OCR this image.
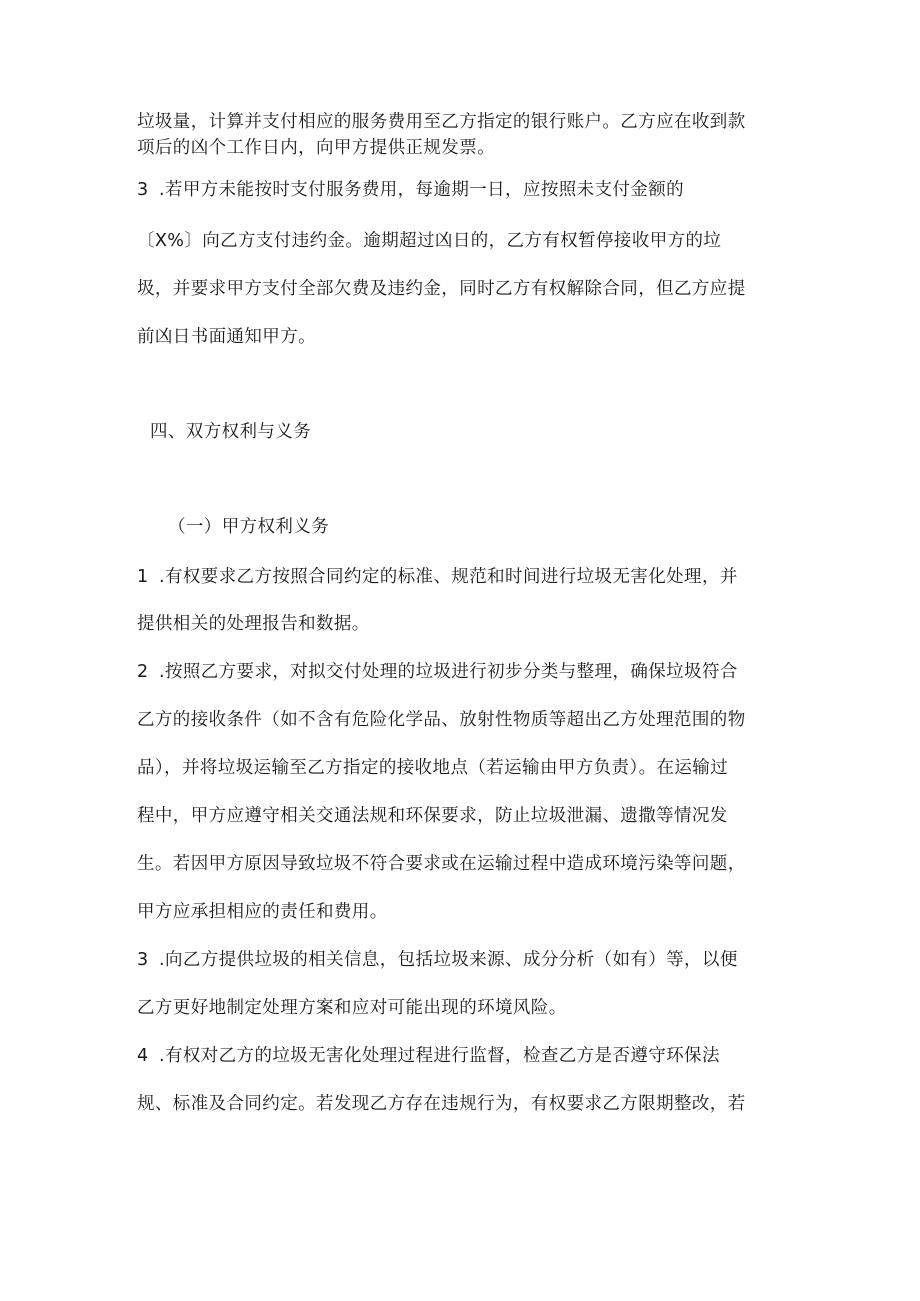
垃圾量，计算并支付相应的服务费用至乙方指定的银行账户。乙方应在收到款
项后的凶个工作日内，向甲方提供正规发票。
3 .若甲方未能按时支付服务费用，每逾期一日，应按照未支付金额的
〔X%〕向乙方支付违约金。逾期超过凶日的，乙方有权暂停接收甲方的垃
圾，并要求甲方支付全部欠费及违约金，同时乙方有权解除合同，但乙方应提
前凶日书面通知甲方。
四、双方权利与义务
（一）甲方权利义务
1 .有权要求乙方按照合同约定的标准、规范和时间进行垃圾无害化处理，并
提供相关的处理报告和数据。
2 .按照乙方要求，对拟交付处理的垃圾进行初步分类与整理，确保垃圾符合
乙方的接收条件（如不含有危险化学品、放射性物质等超出乙方处理范围的物
品），并将垃圾运输至乙方指定的接收地点（若运输由甲方负责）。在运输过
程中，甲方应遵守相关交通法规和环保要求，防止垃圾泄漏、遗撒等情况发
生。若因甲方原因导致垃圾不符合要求或在运输过程中造成环境污染等问题，
甲方应承担相应的责任和费用。
3 .向乙方提供垃圾的相关信息，包括垃圾来源、成分分析（如有）等，以便
乙方更好地制定处理方案和应对可能出现的环境风险。
4 .有权对乙方的垃圾无害化处理过程进行监督，检查乙方是否遵守环保法
规、标准及合同约定。若发现乙方存在违规行为，有权要求乙方限期整改，若
